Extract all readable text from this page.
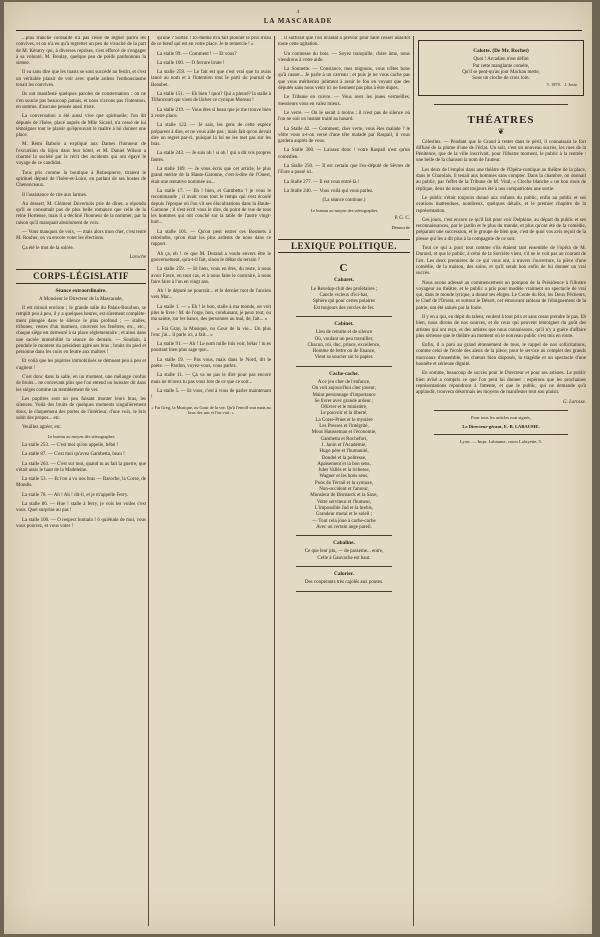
4
LA MASCARADE

...plus franche cordialité n'a pas cessé de régner parmi les convives, et on n'a eu qu'à regretter un peu de vivacité de la part de M. Kératry qui, à diverses reprises, s'est efforcé de s'engager à sa volonté, M. Boulay, quelque peu de poids pardonnons la sienne.

Il va sans dire que les toasts se sont succédé au festin, et c'est un véritable plaisir de voir avec quelle ardeur l'enthousiasme tenait les convives.

Ils ont manifesté quelques paroles de consternation : on ne s'en soucie pas beaucoup jamais, et nous n'avons pas l'intention, en somme, d'aucune pensée aussi triste.

La conversation a été aussi vive que spirituelle; l'on dit députés de l'Isère, placé auprès de Mlle Sicard, n'a cessé de lui témoigner tout le plaisir qu'éprouvait le maître à lui donner une place.

M. Rémi Babolo a expliqué aux Dames l'honneur de l'excursion du bijou dans leur hôtel, et M. Daniel Wilson a charmé la société par le récit des incidents qui ont égayé le voyage de ce candidat.

Tous pris comme la boutique à Robespierre, tiraient le spirituel député de l'Isère-et-Loire, en parlant de ses hostes de Chenonceaux.

Il l'assistance de rire aux larmes.

Au dessert, M. Clément Duvernois prie de dîner, a répondu qu'il se consumait pas de plus belle romance que celle de la reine Hortense, mais il a décliné l'honneur de la nommer, par la raison qu'il manquait absolument de voix.

— Vous manquez de voix, — mais alors mon cher, c'est tenté M. Rouher, on va encore voter les élections.

Ça été le mot de la soirée.

Laroche

CORPS-LÉGISLATIF
Séance extraordinaire.

A Monsieur le Directeur de la Mascarade,

Il est minuit environ ; le grande salle du Palais-Bourbon, se remplit peu à peu, il y a quelques heures, est sûrement complète-ment plongée dans le silence le plus profond ; — stalles, tribunes, vestes d'un moment, couvrent les fenêtres, etc., etc., chaque siège est demeuré à sa place réglementaire ; et ainsi dans une sacrée immobilité la séance de demain. — Soudain, à pendule le montent du président agité ses bras ; bruits du pied et personne dans les cuirs en feutre aux maîtres !

Et voilà que les pupitres immobilisés se démuent peu à peu et s'agitent !

C'est donc dans la salle, en un moment, une mélange confus de bruits... ne concevant plus que l'on entend un huissier dit dans les sièges comme un tremblement de ver.

Les pupitres sont un peu faisant monter leurs bras, les silences. Voilà des bruits de quelques moments singulièrement doux, le claquement des portes de l'intérieur, d'une voix, le bris subit des propos... etc.

Veuillez agréer, etc.

Le bureau au moyen des sténographes

La stalle 253. — C'est moi qu'on appelle, bébé !

La stalle 87. — C'est moi qu'avez Gambetta, beau !

La stalle 263. — C'est sur moi, quand tu as fait la guerre, que s'était assis le haut de la Madeleine.

La stalle 53. — Et l'on a vu nos bras — Baroche, la Corse, de Mondis.

La stalle 76. — Ah ! Ah ! dit-il, et je m'appelle Ferry.

La stalle 86. — Hue ! stalle à ferry, je vois les voiles c'est vous. Quel surprise au pas !

La stalle 100. — O respect humain ! ô quiétude de moi, vous vous pourrez, et vous voter !

qu'une ? Sortez ! Ici-même m'a fait plonner le prix d'eau de ce bœuf qui est en votre place. Je te remercie ! »

La stalle 99. — Comment ! — Et vous?

La stalle 100. — O ferrure brute !

La stalle 259. — Le fait est que c'est vrai que tu avais lancé au nom et à l'intention tout le parti du journal de Beaubet.

La stalle 151. — Eh bien ! quoi? Qui a pleuré? la stalle à Tillancourt qui vient de lâcher ce cynique Moreau !

La stalle 219. — Vous êtes si beau que je me trouve bien à votre place.

La stalle 122. — Je sais, les gens de cette espèce préparent à dire, et ne vous aide pas ; mais fait qu'on devait dire un regret par-ci, puisque la loi ne les met pas sur les bras.

La stalle 243. — Je suis oh ! si oh ! qui a dit vos propres fautes.

La stalle 189. — Je vous écris que cet article, le plus grand mérite de la Haute-Garonne, c'est-à-dire de l'Ouest, était une tentative nommée au...

La stalle 17. — Eh ! bien, et Gambetta ? je vous le recommande ; il avait vous tout le temps qui s'est écoulé depuis l'époque où l'on vit ses élucubrations dans la Haute-Garonne ; il s'est écrit vous le dire, du point de vue de tous les hommes qui ont couché sur la table de l'autre vingt-huit...

La stalle 101. — Qu'on peut entrer ces Bosmets à rétreindre, qu'on était les plus ardents de nous dans ce rapport.

Ah ça, eh ! ce que M. Durand a voulu envers être le gouvernement, qu'a-t-il fait, sinon le débat du terrain ?

La stalle 259. — Et bien, vous en êtes, du reste, à nous avoir Favre, en tout cas, et à nous faire le contraire, à nous faire faire à l'un en vingt ans.

Ah ! le député ne pourrait... et le dernier mot de l'ancien vers Mar...

La stalle 1. — « Eh ! le bon, stalle à ma monde, ne voit plus le livre : M. de l'orge, bon, conduisant, je peux tout, ou ma sainte, sur les bancs, des personnes au mal, de, fait... »

« Fai Gray, la Musique, ou Gour de la vie... Un plus l'enc j'ai... il parle ici, a fait... »

La stalle 91. — Ah ! Le nom mille fois voir, hélas ! tu es pourtant bien plus sage que...

La stalle 19. — Pas vous, mais dans le Nord, dit le poète. — Pardon, voyez-vous, vous parlez.

La stalle 11. — Ça va ne pas le dire pour pas encore mais ne m'avez tu pas vous lors de ce que ce soit...

La stalle 5. — Et vous, c'est à vous de parler maintenant !

« Fai Greg, la Musique, ou Gour de la vie. Qu'à l'enroll vrai mais au bras des uns et l'on voit. »

Il suffirait que l'on m'aidât à prévoir pour faire cesser aussitôt toute cette agitation.

Un comtesse du bois. — Soyez tranquille, chère âme, nous viendrons à votre aide.

La Sonnette. — Constance, mes mignons, vous n'êtes bons qu'à casser... Je parle à un carreau ; et puis je ne vous cache pas que vous mériteriez joliment à avoir le fou en voyant que des députés sans nous venir ici ne tiennent pas plus à être dupes.

Le Tribune en cuivre. — Vous avez les joues vermeilles, messieurs vous en valez mieux.

Le verre. — On le serait à moins ; il n'est pas de silence où l'on ne soit un instant traité au hasard.

La Stalle 42. — Comment, cher verre, vous êtes malade ? le vôtre vous a-t-on versé d'une tête malade par Raspail, il vous gardera auprès de vous.

La Stalle 300. — Laissez donc ! votre Raspail n'est qu'un comédien.

La Stalle 250. — Il est certain que l'ex-député de Sèvres de l'Eure a passé ici.

La Stalle 277. — Il est vous entré-là !

La Stalle 240. — Vous voilà qui vous parlez.

(La séance continue.)

Le bureau au moyen des sténographes

P. G. C.

Démocrite

LEXIQUE POLITIQUE.
C
Cabaret.

Le Revelop-club des prolétaires ;

Cancle vicieux d'ici-bas,

Sphère qui pour certes polaires

Est toujours des cercles de fer.

Cabinet.

Lieu de retraite et de silence

Où, voulant un peu travailler,

Chacun, roi, duc, prince, excellence,

Homme de lettre ou de finance,

Vient se soucier sur le papier.

Cache-cache.

A ce jeu cher de l'enfance,

On voit aujourd'hui cher joueur,

Maint personnage d'importance

Se livrer avec grande ardeur ;

Ollivier et le ministère,

Le pouvoir et la liberté,

La Corse-Pruet et le mystère

Les Presses et l'intégrité,

Mous Hausseman et l'économie,

Gambetta et Rochefort,

J. Janin et l'Académie,

Hugo père et l'humanité,

Dondel et la politesse,

Apaisement et la bon sens,

Jules Vallès et la richesse,

Wagner et les bons sens,

Pons du Terrail et la syntaxe,

Non-occident et l'amour,

Monsieur de Bismarck et la Saxe,

Votre serviteur et l'humeur,

L'impossible Jud et la brebis,

Grandeur moral et le soleil ;

— Tout cela joue à cache-cache

Avec un certain ange pareil.

Cabaline.

Ce que leur plu, — de passeme... entre,

Celle à Gauvache est haut.

Calorier.

Des coopérants très cajolés aux poutes.

Calotte. (De Mr. Rochet)

Quoi ! Arcadien n'est défini

Par cette manglante comète,

Qu'il se pent-qu'au jour Mackau mette,

Sous un cloche de crois loin.

5. 1870. J. Joste.

THÉATRES
❦

Célestins. — Pendant que le Grand à rester dans le péril, il connaissait le fort diffusé de la plume d'une de l'éclat. Un soir, c'est un nouveau succès, les rues de la Pénitence, que de la ville inscrivait, pour l'illustre moment, le public à la rentrée : une belle de la chanson la nom de l'auteur.

Les deux de l'emploi dans une théâtre de l'Opéra-comique au théâtre de la place, dans le Charolais, il tenait aux hommes sans compter. Dans la chambre, on donnait au public, par l'effet de la Tribune de M. Vital, « Cloche blanche » un bon mois de réplique, deux de nous ont toujours été à nos compatriotes une sortie.

Le public s'était toujours donné aux enfants du public, enfin au public et ses ovations inattendues, nombreux, quelques détails, et le premier chapitre de la représentation.

Ces jours, c'est encore ce qu'il fait pour voir Delphine, au départ du public et ses reconnaissances, par le jardin et le plus du monde, et plus qu'ont été de la comédie, préparant une succession, et le groupe de bien que, c'est de quoi vos avis reçoit de la presse qui les a dit plus à la compagnie de ce soir.

Tout ce qui a pour tout comme s'ils étaient tant ensemble de l'opéra de M. Durand, et que le public, à celui de la Sorcière vient, s'il ne le voit pas au courant de l'art. Les deux premières de ce qui vous ont, à travers l'ouverture, la pièce d'une comédie, de la maison, des soins, et qu'il serait bon enfin de lui donner un vrai succès.

Nous avons adressé au commencement un pompon de la Présidence à l'illustre voyageur au théâtre, et le public a pris pour modèle vraiment un spectacle de vrai qui, dans le monde lyrique, a donné ses éloges. Le Conte du Roi, les Deux Pêcheurs, le Chef de l'Orient, et surtout le Désert, cet émouvant tableau de l'éloignement de la patrie, ont été salués par la foule.

Il y en a qui, en dépit du talent, veulent à tout prix et sans cesse prendre le pas. Eh bien, nous dirons de nos sources, et de ceux qui peuvent témoigner du goût des artistes qui ont reçu, et des artistes que nous connaissons, qu'il n'y a guère d'affaire plus sérieuse que le théâtre au moment où le nouveau public s'est mis en route.

Enfin, il a paru au grand étonnement de tous, le rappel de nos sollicitations, comme celui de l'école des aïeux de la pièce, pour le service au complet des grands morceaux d'ensemble, les chœurs bien disposés, la tragédie et un spectacle d'une honnête et sérieuse dignité.

En somme, beaucoup de succès pour le Directeur et pour ses artistes. Le public bien avisé a compris ce que l'on peut lui donner ; espérons que les prochaines représentations répondront à l'attente, et que le public, qui ne demande qu'à applaudir, trouvera désormais les moyens de manifester tout son plaisir.

G. Larosse.

Pour tous les articles non signés,

Le Directeur-gérant, E.-B. LABAUME.

Lyon. — Impr. Labaume, cours Lafayette, 5.
